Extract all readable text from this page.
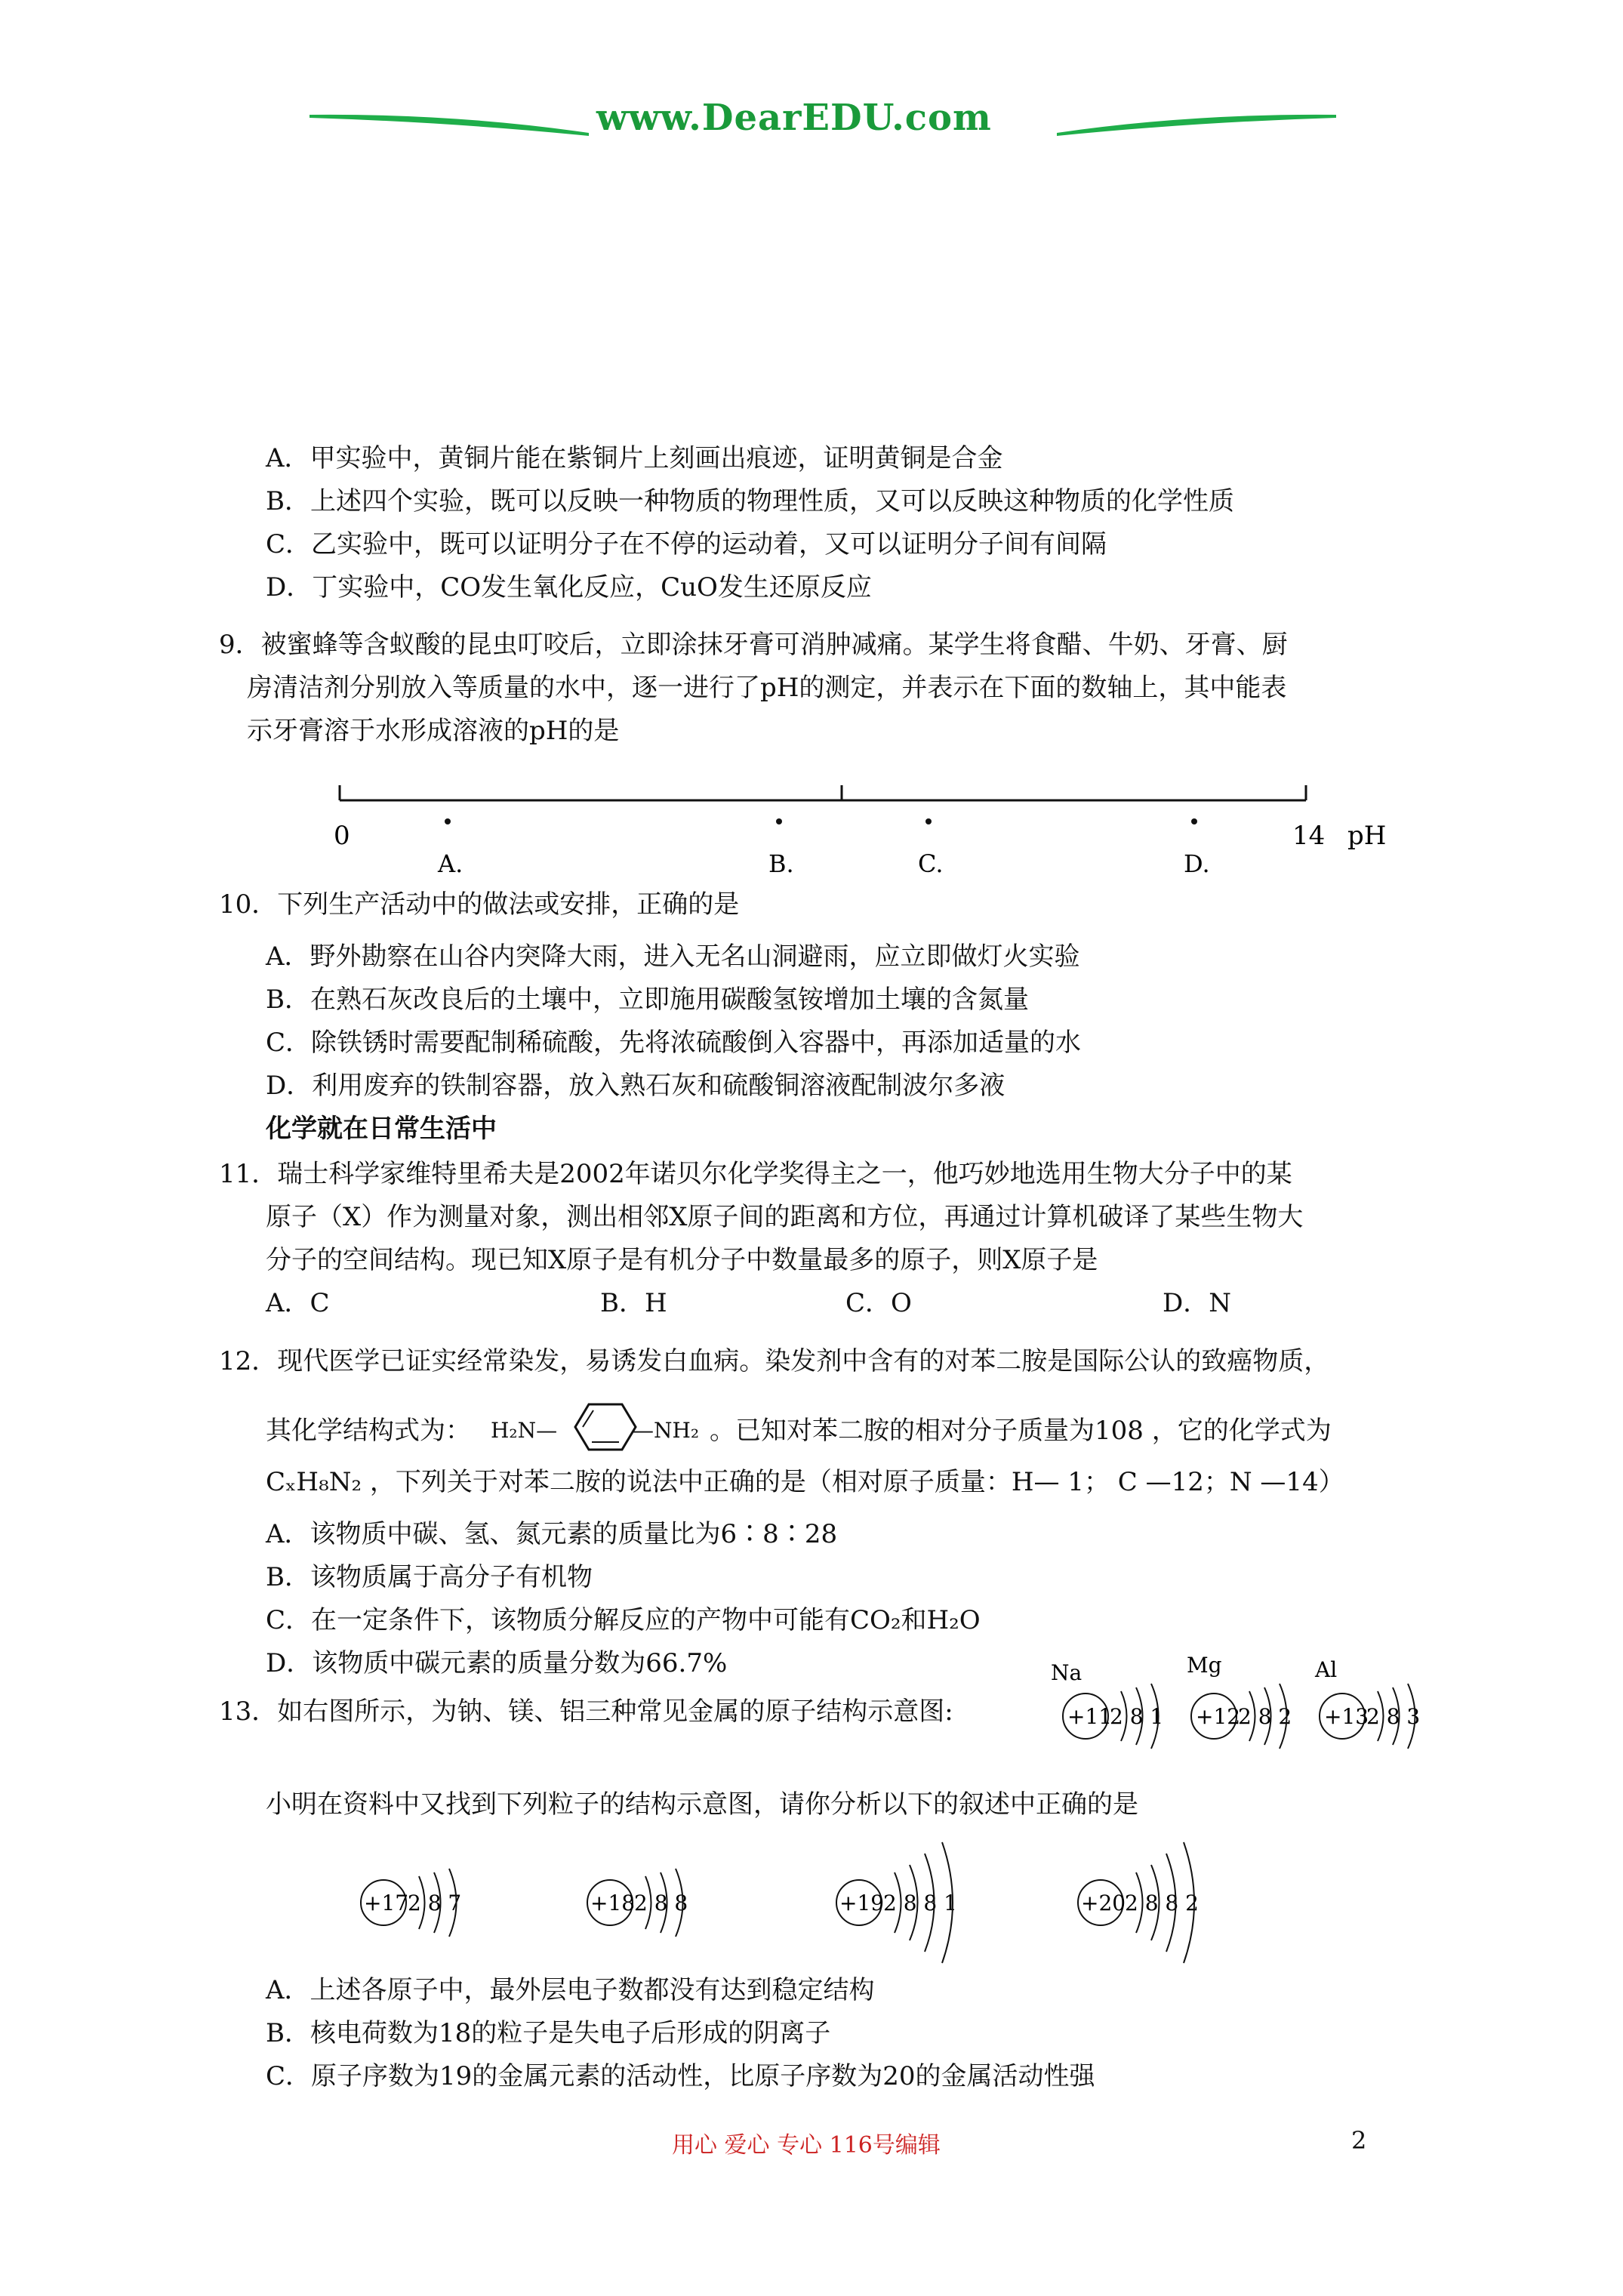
www.DearEDU.com
A．甲实验中，黄铜片能在紫铜片上刻画出痕迹，证明黄铜是合金
B．上述四个实验，既可以反映一种物质的物理性质，又可以反映这种物质的化学性质
C．乙实验中，既可以证明分子在不停的运动着，又可以证明分子间有间隔
D．丁实验中，CO发生氧化反应，CuO发生还原反应
9．被蜜蜂等含蚁酸的昆虫叮咬后，立即涂抹牙膏可消肿减痛。某学生将食醋、牛奶、牙膏、厨
房清洁剂分别放入等质量的水中，逐一进行了pH的测定，并表示在下面的数轴上，其中能表
示牙膏溶于水形成溶液的pH的是
0	14 pH
A.	B.	C.	D.
10．下列生产活动中的做法或安排，正确的是
A．野外勘察在山谷内突降大雨，进入无名山洞避雨，应立即做灯火实验
B．在熟石灰改良后的土壤中，立即施用碳酸氢铵增加土壤的含氮量
C．除铁锈时需要配制稀硫酸，先将浓硫酸倒入容器中，再添加适量的水
D．利用废弃的铁制容器，放入熟石灰和硫酸铜溶液配制波尔多液
化学就在日常生活中
11．瑞士科学家维特里希夫是2002年诺贝尔化学奖得主之一，他巧妙地选用生物大分子中的某
原子（X）作为测量对象，测出相邻X原子间的距离和方位，再通过计算机破译了某些生物大
分子的空间结构。现已知X原子是有机分子中数量最多的原子，则X原子是
A．C	B．H	C．O	D．N
12．现代医学已证实经常染发，易诱发白血病。染发剂中含有的对苯二胺是国际公认的致癌物质，
其化学结构式为： H₂N—	—NH₂ 。已知对苯二胺的相对分子质量为108 ，它的化学式为
CₓH₈N₂ ，下列关于对苯二胺的说法中正确的是（相对原子质量：H— 1； C —12；N —14）
A．该物质中碳、氢、氮元素的质量比为6∶8∶28
B．该物质属于高分子有机物
C．在一定条件下，该物质分解反应的产物中可能有CO₂和H₂O
D．该物质中碳元素的质量分数为66.7%
13．如右图所示，为钠、镁、铝三种常见金属的原子结构示意图:
Na
+11
2 8 1
Mg
+12
2 8 2
Al
+13
2 8 3
小明在资料中又找到下列粒子的结构示意图，请你分析以下的叙述中正确的是
+17
2 8 7	+18
2 8 8	+19
2 8 8 1	+20
2 8 8 2
A．上述各原子中，最外层电子数都没有达到稳定结构
B．核电荷数为18的粒子是失电子后形成的阴离子
C．原子序数为19的金属元素的活动性，比原子序数为20的金属活动性强
用心 爱心 专心 116号编辑	2
